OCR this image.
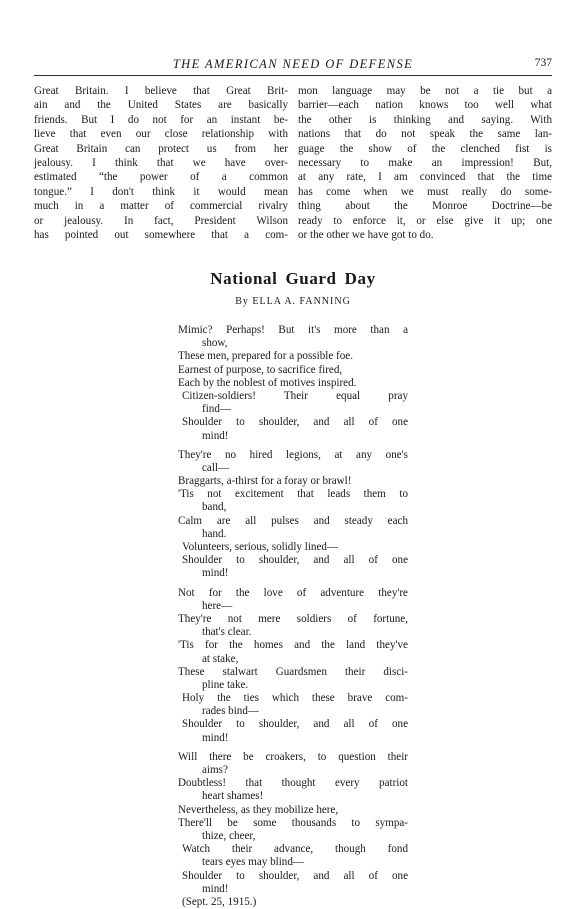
THE AMERICAN NEED OF DEFENSE	737
Great Britain. I believe that Great Brit-
ain and the United States are basically
friends. But I do not for an instant be-
lieve that even our close relationship with
Great Britain can protect us from her
jealousy. I think that we have over-
estimated “the power of a common
tongue.” I don't think it would mean
much in a matter of commercial rivalry
or jealousy. In fact, President Wilson
has pointed out somewhere that a com-
mon language may be not a tie but a
barrier—each nation knows too well what
the other is thinking and saying. With
nations that do not speak the same lan-
guage the show of the clenched fist is
necessary to make an impression! But,
at any rate, I am convinced that the time
has come when we must really do some-
thing about the Monroe Doctrine—be
ready to enforce it, or else give it up; one
or the other we have got to do.
National Guard Day
By ELLA A. FANNING
Mimic? Perhaps! But it's more than a
show,
These men, prepared for a possible foe.
Earnest of purpose, to sacrifice fired,
Each by the noblest of motives inspired.
Citizen-soldiers! Their equal pray
find—
Shoulder to shoulder, and all of one
mind!
They're no hired legions, at any one's
call—
Braggarts, a-thirst for a foray or brawl!
'Tis not excitement that leads them to
band,
Calm are all pulses and steady each
hand.
Volunteers, serious, solidly lined—
Shoulder to shoulder, and all of one
mind!
Not for the love of adventure they're
here—
They're not mere soldiers of fortune,
that's clear.
'Tis for the homes and the land they've
at stake,
These stalwart Guardsmen their disci-
pline take.
Holy the ties which these brave com-
rades bind—
Shoulder to shoulder, and all of one
mind!
Will there be croakers, to question their
aims?
Doubtless! that thought every patriot
heart shames!
Nevertheless, as they mobilize here,
There'll be some thousands to sympa-
thize, cheer,
Watch their advance, though fond
tears eyes may blind—
Shoulder to shoulder, and all of one
mind!
(Sept. 25, 1915.)
